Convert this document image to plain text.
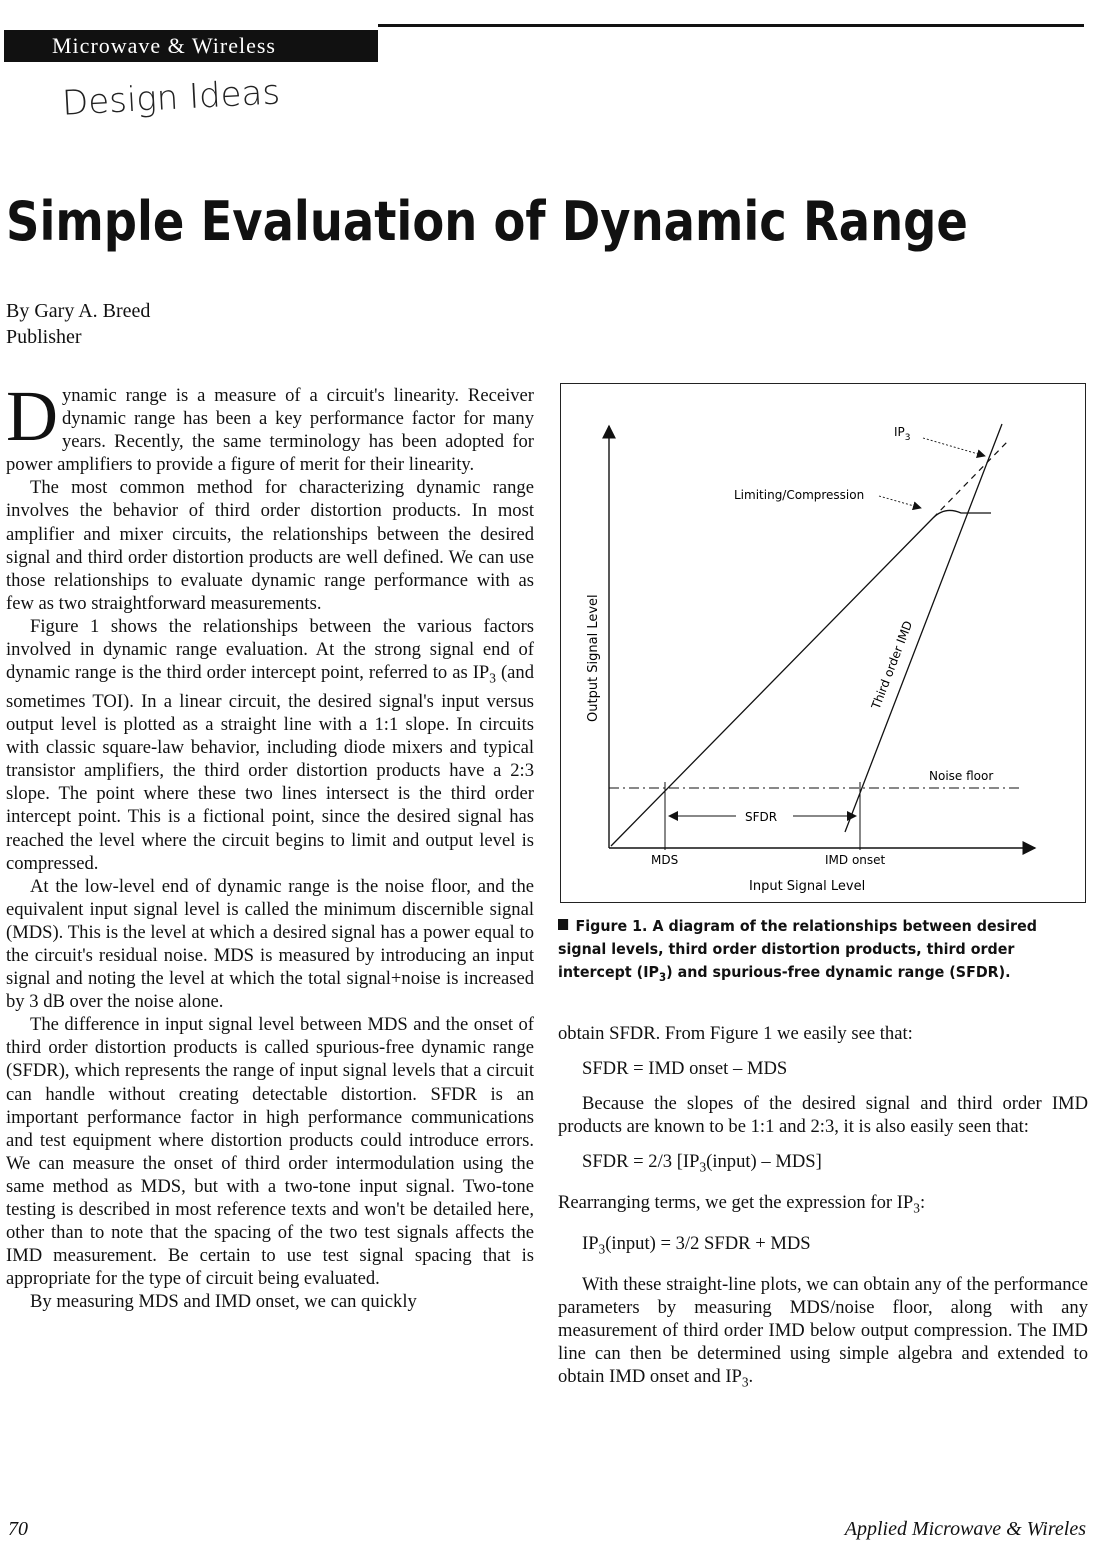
Microwave & Wireless
Design Ideas
Simple Evaluation of Dynamic Range
By Gary A. Breed
Publisher

Dynamic range is a measure of a circuit's linearity. Receiver dynamic range has been a key performance factor for many years. Recently, the same terminology has been adopted for power amplifiers to provide a figure of merit for their linearity.

The most common method for characterizing dynamic range involves the behavior of third order distortion products. In most amplifier and mixer circuits, the relationships between the desired signal and third order distortion products are well defined. We can use those relationships to evaluate dynamic range performance with as few as two straightforward measurements.

Figure 1 shows the relationships between the various factors involved in dynamic range evaluation. At the strong signal end of dynamic range is the third order intercept point, referred to as $IP_3$ (and sometimes TOI). In a linear circuit, the desired signal's input versus output level is plotted as a straight line with a 1:1 slope. In circuits with classic square-law behavior, including diode mixers and typical transistor amplifiers, the third order distortion products have a 2:3 slope. The point where these two lines intersect is the third order intercept point. This is a fictional point, since the desired signal has reached the level where the circuit begins to limit and output level is compressed.

At the low-level end of dynamic range is the noise floor, and the equivalent input signal level is called the minimum discernible signal (MDS). This is the level at which a desired signal has a power equal to the circuit's residual noise. MDS is measured by introducing an input signal and noting the level at which the total signal+noise is increased by 3 dB over the noise alone.

The difference in input signal level between MDS and the onset of third order distortion products is called spurious-free dynamic range (SFDR), which represents the range of input signal levels that a circuit can handle without creating detectable distortion. SFDR is an important performance factor in high performance communications and test equipment where distortion products could introduce errors. We can measure the onset of third order intermodulation using the same method as MDS, but with a two-tone input signal. Two-tone testing is described in most reference texts and won't be detailed here, other than to note that the spacing of the two test signals affects the IMD measurement. Be certain to use test signal spacing that is appropriate for the type of circuit being evaluated.

By measuring MDS and IMD onset, we can quickly

$IP_3$
Limiting/Compression
Third order IMD
Noise floor
SFDR
MDS	IMD onset
Input Signal Level
Output Signal Level
Figure 1. A diagram of the relationships between desired signal levels, third order distortion products, third order intercept $(IP_3)$ and spurious-free dynamic range (SFDR).

obtain SFDR. From Figure 1 we easily see that:

SFDR = IMD onset – MDS

Because the slopes of the desired signal and third order IMD products are known to be 1:1 and 2:3, it is also easily seen that:

SFDR = 2/3 $[IP_3(input) - MDS]$

Rearranging terms, we get the expression for $IP_3$:

$IP_3(input) = 3/2$ SFDR + MDS

With these straight-line plots, we can obtain any of the performance parameters by measuring MDS/noise floor, along with any measurement of third order IMD below output compression. The IMD line can then be determined using simple algebra and extended to obtain IMD onset and $IP_3$.

70	Applied Microwave & Wireles
